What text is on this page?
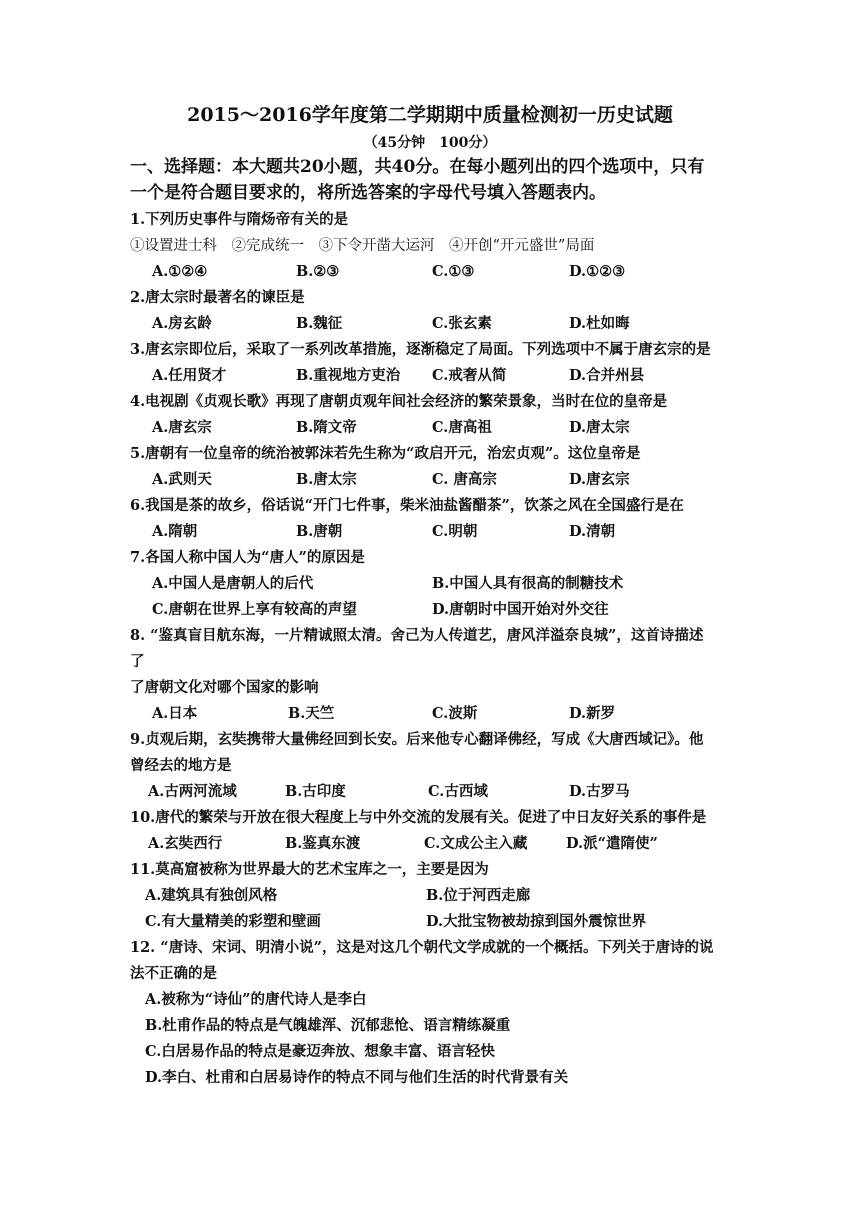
2015～2016学年度第二学期期中质量检测初一历史试题
（45分钟　100分）
一、选择题：本大题共20小题，共40分。在每小题列出的四个选项中，只有
一个是符合题目要求的，将所选答案的字母代号填入答题表内。
1.下列历史事件与隋炀帝有关的是
①设置进士科　②完成统一　③下令开凿大运河　④开创“开元盛世”局面
A.①②④	B.②③	C.①③	D.①②③
2.唐太宗时最著名的谏臣是
A.房玄龄	B.魏征	C.张玄素	D.杜如晦
3.唐玄宗即位后，采取了一系列改革措施，逐渐稳定了局面。下列选项中不属于唐玄宗的是
A.任用贤才	B.重视地方吏治 C.戒奢从简	D.合并州县
4.电视剧《贞观长歌》再现了唐朝贞观年间社会经济的繁荣景象，当时在位的皇帝是
A.唐玄宗	B.隋文帝	C.唐高祖	D.唐太宗
5.唐朝有一位皇帝的统治被郭沫若先生称为“政启开元，治宏贞观”。这位皇帝是
A.武则天	B.唐太宗	C. 唐高宗	D.唐玄宗
6.我国是茶的故乡，俗话说“开门七件事，柴米油盐酱醋茶”，饮茶之风在全国盛行是在
A.隋朝	B.唐朝	C.明朝	D.清朝
7.各国人称中国人为“唐人”的原因是
A.中国人是唐朝人的后代	B.中国人具有很高的制糖技术
C.唐朝在世界上享有较高的声望	D.唐朝时中国开始对外交往
8. “鉴真盲目航东海，一片精诚照太清。舍己为人传道艺，唐风洋溢奈良城”，这首诗描述
了
了唐朝文化对哪个国家的影响
A.日本	B.天竺	C.波斯	D.新罗
9.贞观后期，玄奘携带大量佛经回到长安。后来他专心翻译佛经，写成《大唐西域记》。他
曾经去的地方是
A.古两河流域	B.古印度	C.古西域	D.古罗马
10.唐代的繁荣与开放在很大程度上与中外交流的发展有关。促进了中日友好关系的事件是
A.玄奘西行	B.鉴真东渡	C.文成公主入藏	D.派“遣隋使”
11.莫高窟被称为世界最大的艺术宝库之一，主要是因为
A.建筑具有独创风格	B.位于河西走廊
C.有大量精美的彩塑和壁画	D.大批宝物被劫掠到国外震惊世界
12. “唐诗、宋词、明清小说”，这是对这几个朝代文学成就的一个概括。下列关于唐诗的说
法不正确的是
A.被称为“诗仙”的唐代诗人是李白
B.杜甫作品的特点是气魄雄浑、沉郁悲怆、语言精练凝重
C.白居易作品的特点是豪迈奔放、想象丰富、语言轻快
D.李白、杜甫和白居易诗作的特点不同与他们生活的时代背景有关
